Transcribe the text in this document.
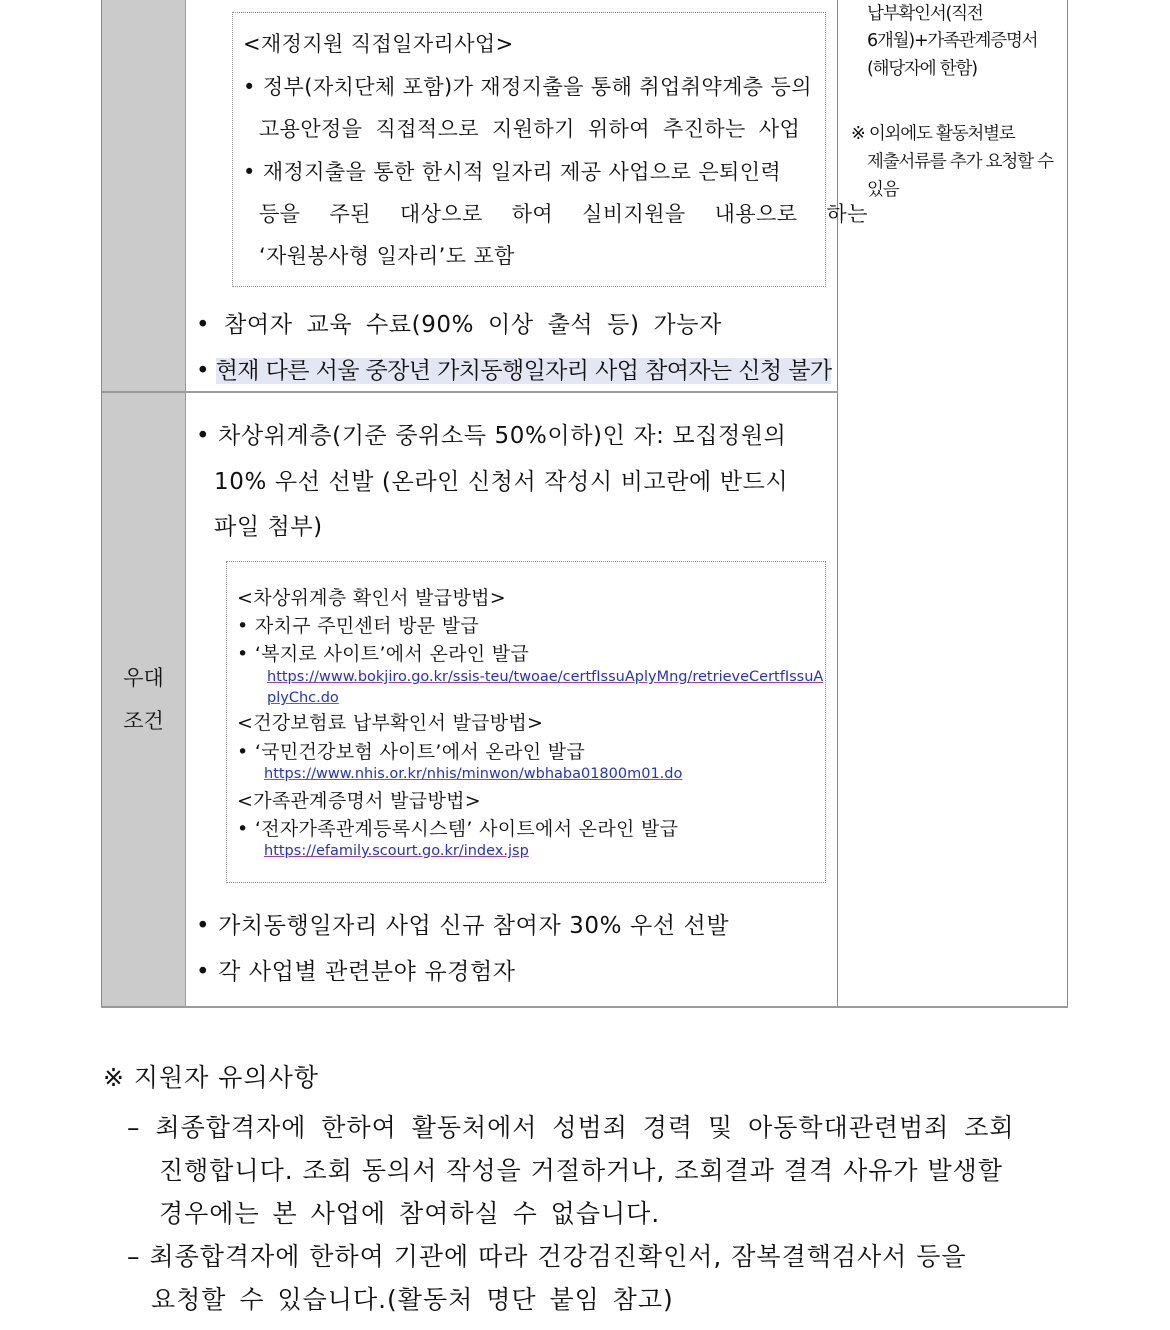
<재정지원 직접일자리사업>
• 정부(자치단체 포함)가 재정지출을 통해 취업취약계층 등의
고용안정을 직접적으로 지원하기 위하여 추진하는 사업
• 재정지출을 통한 한시적 일자리 제공 사업으로 은퇴인력
등을 주된 대상으로 하여 실비지원을 내용으로 하는
‘자원봉사형 일자리’도 포함
• 참여자 교육 수료(90% 이상 출석 등) 가능자
• 현재 다른 서울 중장년 가치동행일자리 사업 참여자는 신청 불가
우대
조건
• 차상위계층(기준 중위소득 50%이하)인 자: 모집정원의
10% 우선 선발 (온라인 신청서 작성시 비고란에 반드시
파일 첨부)
<차상위계층 확인서 발급방법>
• 자치구 주민센터 방문 발급
• ‘복지로 사이트’에서 온라인 발급
https://www.bokjiro.go.kr/ssis-teu/twoae/certfIssuAplyMng/retrieveCertfIssuA
plyChc.do
<건강보험료 납부확인서 발급방법>
• ‘국민건강보험 사이트’에서 온라인 발급
https://www.nhis.or.kr/nhis/minwon/wbhaba01800m01.do
<가족관계증명서 발급방법>
• ‘전자가족관계등록시스템’ 사이트에서 온라인 발급
https://efamily.scourt.go.kr/index.jsp
• 가치동행일자리 사업 신규 참여자 30% 우선 선발
• 각 사업별 관련분야 유경험자
납부확인서(직전
6개월)+가족관계증명서
(해당자에 한함)
※ 이외에도 활동처별로
제출서류를 추가 요청할 수
있음
※ 지원자 유의사항
– 최종합격자에 한하여 활동처에서 성범죄 경력 및 아동학대관련범죄 조회
진행합니다. 조회 동의서 작성을 거절하거나, 조회결과 결격 사유가 발생할
경우에는 본 사업에 참여하실 수 없습니다.
– 최종합격자에 한하여 기관에 따라 건강검진확인서, 잠복결핵검사서 등을
요청할 수 있습니다.(활동처 명단 붙임 참고)
